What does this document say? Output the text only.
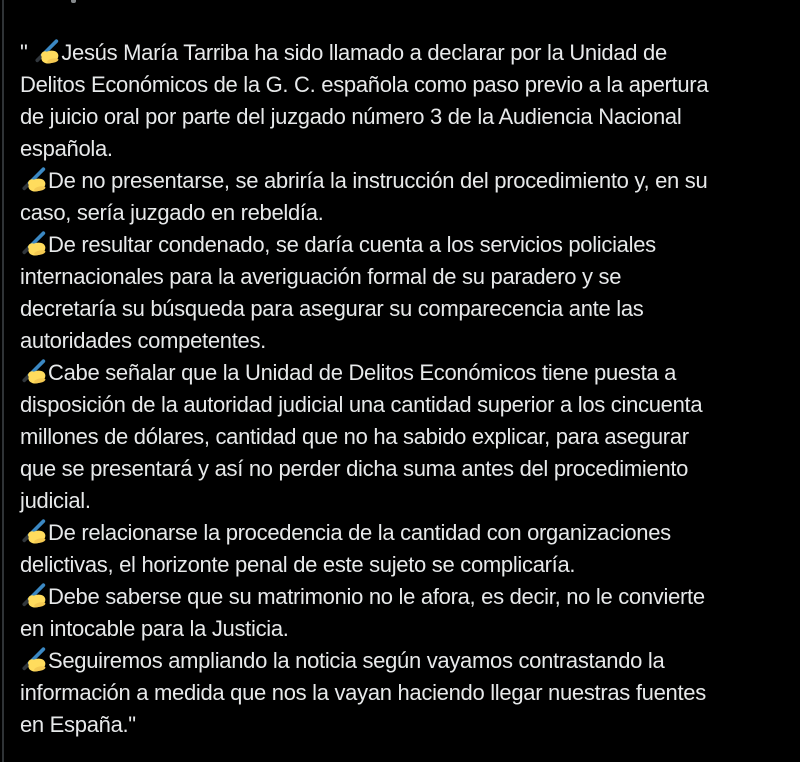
" Jesús María Tarriba ha sido llamado a declarar por la Unidad de
Delitos Económicos de la G. C. española como paso previo a la apertura
de juicio oral por parte del juzgado número 3 de la Audiencia Nacional
española.
De no presentarse, se abriría la instrucción del procedimiento y, en su
caso, sería juzgado en rebeldía.
De resultar condenado, se daría cuenta a los servicios policiales
internacionales para la averiguación formal de su paradero y se
decretaría su búsqueda para asegurar su comparecencia ante las
autoridades competentes.
Cabe señalar que la Unidad de Delitos Económicos tiene puesta a
disposición de la autoridad judicial una cantidad superior a los cincuenta
millones de dólares, cantidad que no ha sabido explicar, para asegurar
que se presentará y así no perder dicha suma antes del procedimiento
judicial.
De relacionarse la procedencia de la cantidad con organizaciones
delictivas, el horizonte penal de este sujeto se complicaría.
Debe saberse que su matrimonio no le afora, es decir, no le convierte
en intocable para la Justicia.
Seguiremos ampliando la noticia según vayamos contrastando la
información a medida que nos la vayan haciendo llegar nuestras fuentes
en España."
